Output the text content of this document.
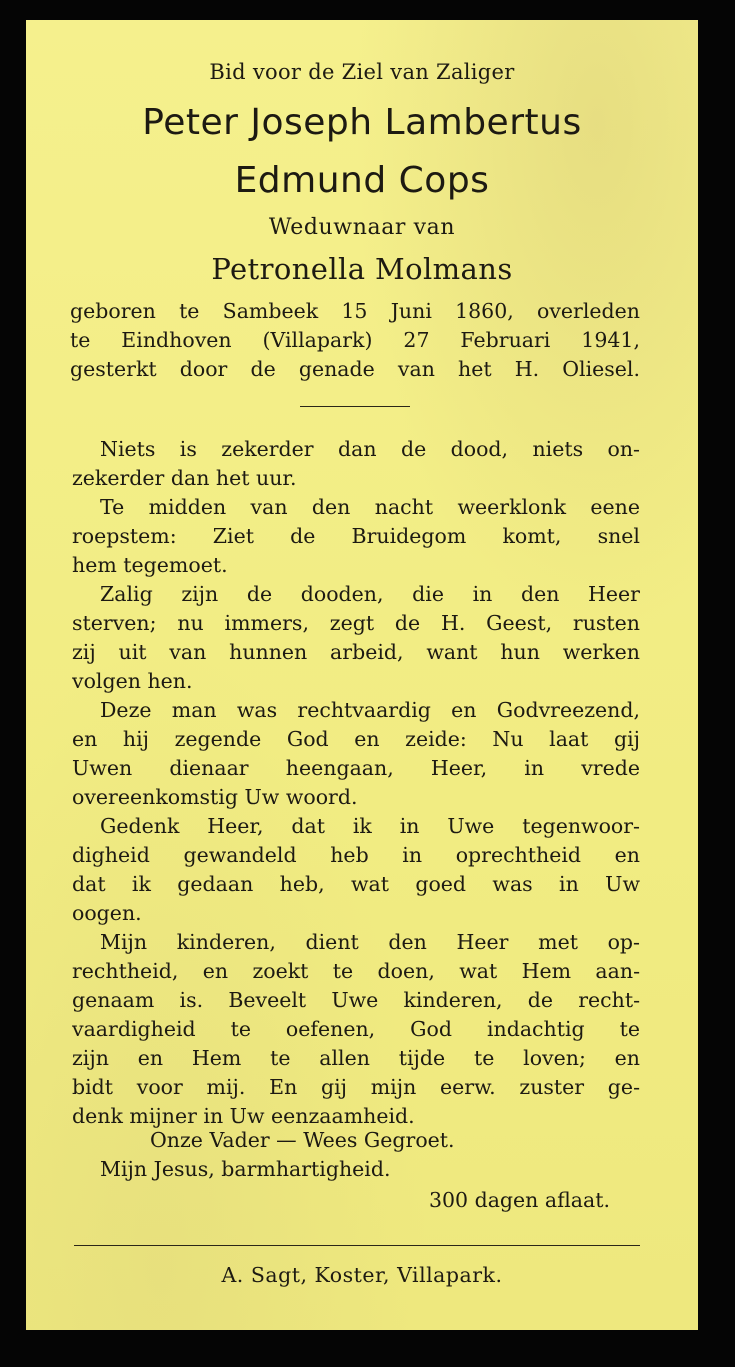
Bid voor de Ziel van Zaliger
Peter Joseph Lambertus
Edmund Cops
Weduwnaar van
Petronella Molmans
geboren te Sambeek 15 Juni 1860, overleden
te Eindhoven (Villapark) 27 Februari 1941,
gesterkt door de genade van het H. Oliesel.
Niets is zekerder dan de dood, niets on-
zekerder dan het uur.
Te midden van den nacht weerklonk eene
roepstem: Ziet de Bruidegom komt, snel
hem tegemoet.
Zalig zijn de dooden, die in den Heer
sterven; nu immers, zegt de H. Geest, rusten
zij uit van hunnen arbeid, want hun werken
volgen hen.
Deze man was rechtvaardig en Godvreezend,
en hij zegende God en zeide: Nu laat gij
Uwen dienaar heengaan, Heer, in vrede
overeenkomstig Uw woord.
Gedenk Heer, dat ik in Uwe tegenwoor-
digheid gewandeld heb in oprechtheid en
dat ik gedaan heb, wat goed was in Uw
oogen.
Mijn kinderen, dient den Heer met op-
rechtheid, en zoekt te doen, wat Hem aan-
genaam is. Beveelt Uwe kinderen, de recht-
vaardigheid te oefenen, God indachtig te
zijn en Hem te allen tijde te loven; en
bidt voor mij. En gij mijn eerw. zuster ge-
denk mijner in Uw eenzaamheid.
Onze Vader — Wees Gegroet.
Mijn Jesus, barmhartigheid.
300 dagen aflaat.
A. Sagt, Koster, Villapark.
